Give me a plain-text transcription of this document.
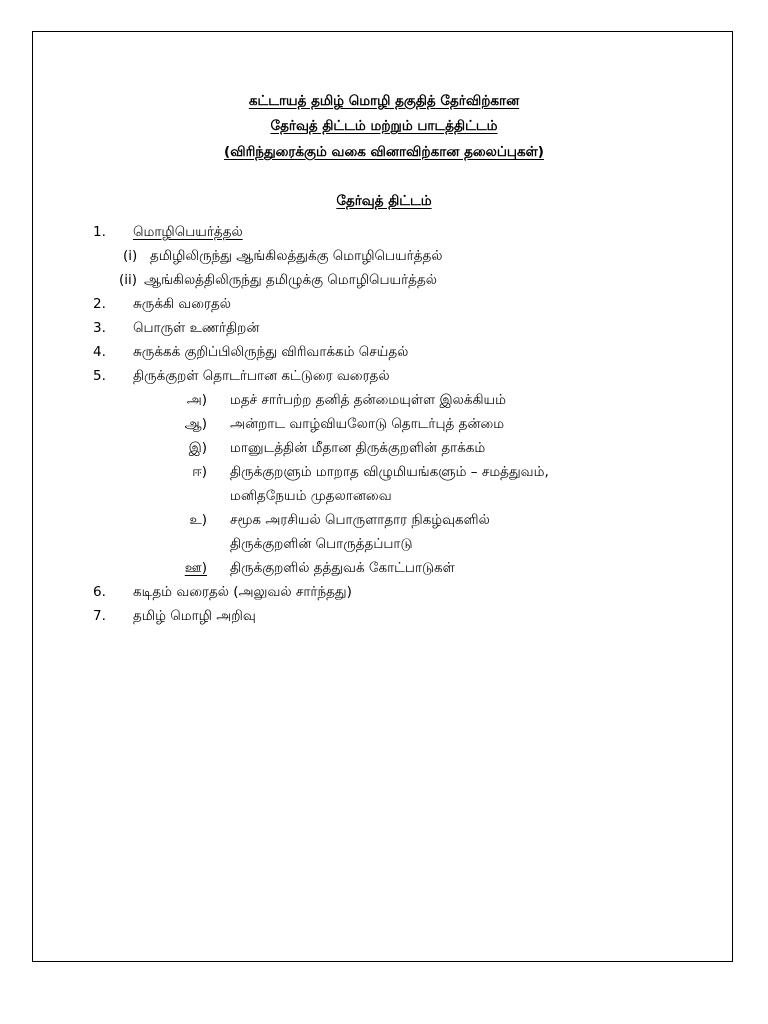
கட்டாயத் தமிழ் மொழி தகுதித் தேர்விற்கான
தேர்வுத் திட்டம் மற்றும் பாடத்திட்டம்
(விரிந்துரைக்கும் வகை வினாவிற்கான தலைப்புகள்)
தேர்வுத் திட்டம்
1. மொழிபெயர்த்தல்
(i) தமிழிலிருந்து ஆங்கிலத்துக்கு மொழிபெயர்த்தல்
(ii) ஆங்கிலத்திலிருந்து தமிழுக்கு மொழிபெயர்த்தல்
2. சுருக்கி வரைதல்
3. பொருள் உணர்திறன்
4. சுருக்கக் குறிப்பிலிருந்து விரிவாக்கம் செய்தல்
5. திருக்குறள் தொடர்பான கட்டுரை வரைதல்
அ) மதச் சார்பற்ற தனித் தன்மையுள்ள இலக்கியம்
ஆ) அன்றாட வாழ்வியலோடு தொடர்புத் தன்மை
இ) மானுடத்தின் மீதான திருக்குறளின் தாக்கம்
ஈ) திருக்குறளும் மாறாத விழுமியங்களும் – சமத்துவம்,
மனிதநேயம் முதலானவை
உ) சமூக அரசியல் பொருளாதார நிகழ்வுகளில்
திருக்குறளின் பொருத்தப்பாடு
ஊ) திருக்குறளில் தத்துவக் கோட்பாடுகள்
6. கடிதம் வரைதல் (அலுவல் சார்ந்தது)
7. தமிழ் மொழி அறிவு
